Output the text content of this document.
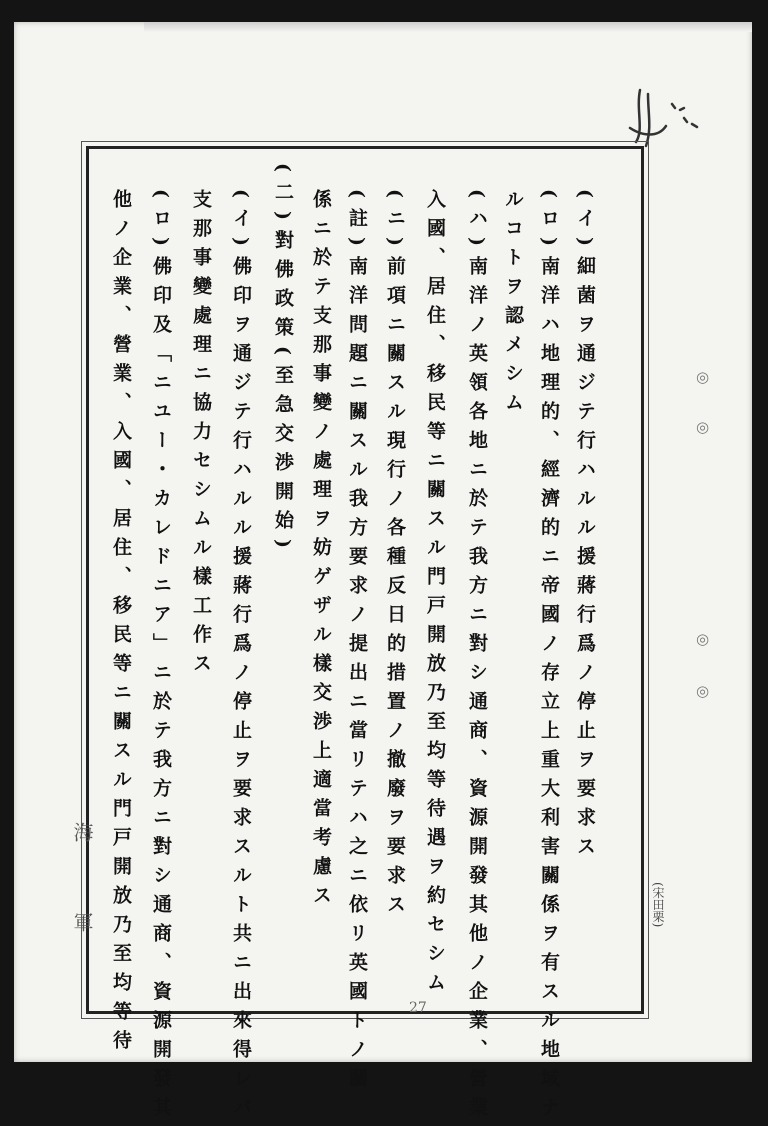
(イ)細菌ヲ通ジテ行ハルル援蔣行爲ノ停止ヲ要求ス
(ロ)南洋ハ地理的、經濟的ニ帝國ノ存立上重大利害關係ヲ有スル地域ナ
ルコトヲ認メシム
(ハ)南洋ノ英領各地ニ於テ我方ニ對シ通商、資源開發其他ノ企業、營業
入國、居住、移民等ニ關スル門戸開放乃至均等待遇ヲ約セシム
(ニ)前項ニ關スル現行ノ各種反日的措置ノ撤廢ヲ要求ス
(註)南洋問題ニ關スル我方要求ノ提出ニ當リテハ之ニ依リ英國トノ關
係ニ於テ支那事變ノ處理ヲ妨ゲザル樣交渉上適當考慮ス
(二)對佛政策(至急交渉開始)
(イ)佛印ヲ通ジテ行ハルル援蔣行爲ノ停止ヲ要求スルト共ニ出來得レバ
支那事變處理ニ協力セシムル樣工作ス
(ロ)佛印及「ニユー・カレドニア」ニ於テ我方ニ對シ通商、資源開發其
他ノ企業、營業、入國、居住、移民等ニ關スル門戸開放乃至均等待
海
軍
◎
◎
◎
◎
(宋田栗)
27
